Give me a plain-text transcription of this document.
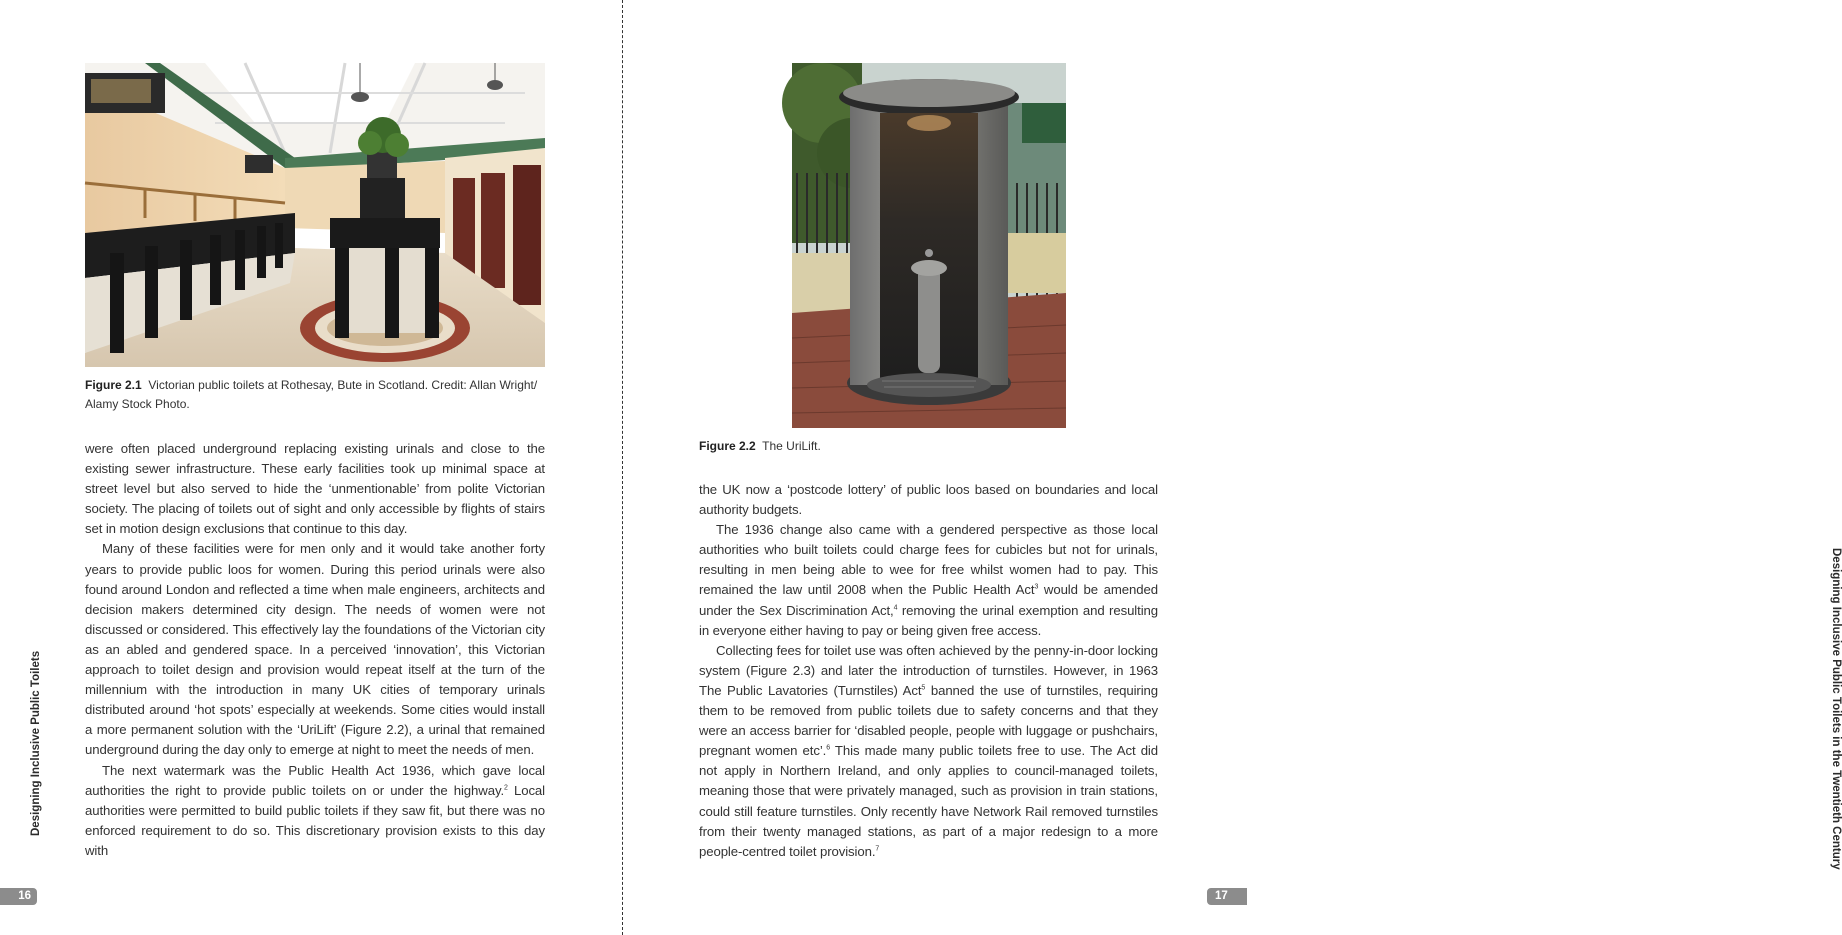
Figure 2.1 Victorian public toilets at Rothesay, Bute in Scotland. Credit: Allan Wright/ Alamy Stock Photo.

were often placed underground replacing existing urinals and close to the existing sewer infrastructure. These early facilities took up minimal space at street level but also served to hide the ‘unmentionable’ from polite Victorian society. The placing of toilets out of sight and only accessible by flights of stairs set in motion design exclusions that continue to this day.

Many of these facilities were for men only and it would take another forty years to provide public loos for women. During this period urinals were also found around London and reflected a time when male engineers, architects and decision makers determined city design. The needs of women were not discussed or considered. This effectively lay the foundations of the Victorian city as an abled and gendered space. In a perceived ‘innovation’, this Victorian approach to toilet design and provision would repeat itself at the turn of the millennium with the introduction in many UK cities of temporary urinals distributed around ‘hot spots’ especially at weekends. Some cities would install a more permanent solution with the ‘UriLift’ (Figure 2.2), a urinal that remained underground during the day only to emerge at night to meet the needs of men.

The next watermark was the Public Health Act 1936, which gave local authorities the right to provide public toilets on or under the highway.$^2$ Local authorities were permitted to build public toilets if they saw fit, but there was no enforced requirement to do so. This discretionary provision exists to this day with

Designing Inclusive Public Toilets
16
Figure 2.2 The UriLift.

the UK now a ‘postcode lottery’ of public loos based on boundaries and local authority budgets.

The 1936 change also came with a gendered perspective as those local authorities who built toilets could charge fees for cubicles but not for urinals, resulting in men being able to wee for free whilst women had to pay. This remained the law until 2008 when the Public Health Act$^3$ would be amended under the Sex Discrimination Act,$^4$ removing the urinal exemption and resulting in everyone either having to pay or being given free access.

Collecting fees for toilet use was often achieved by the penny-in-door locking system (Figure 2.3) and later the introduction of turnstiles. However, in 1963 The Public Lavatories (Turnstiles) Act$^5$ banned the use of turnstiles, requiring them to be removed from public toilets due to safety concerns and that they were an access barrier for ‘disabled people, people with luggage or pushchairs, pregnant women etc’.$^6$ This made many public toilets free to use. The Act did not apply in Northern Ireland, and only applies to council-managed toilets, meaning those that were privately managed, such as provision in train stations, could still feature turnstiles. Only recently have Network Rail removed turnstiles from their twenty managed stations, as part of a major redesign to a more people-centred toilet provision.$^7$	Designing Inclusive Public Toilets in the Twentieth Century
17
